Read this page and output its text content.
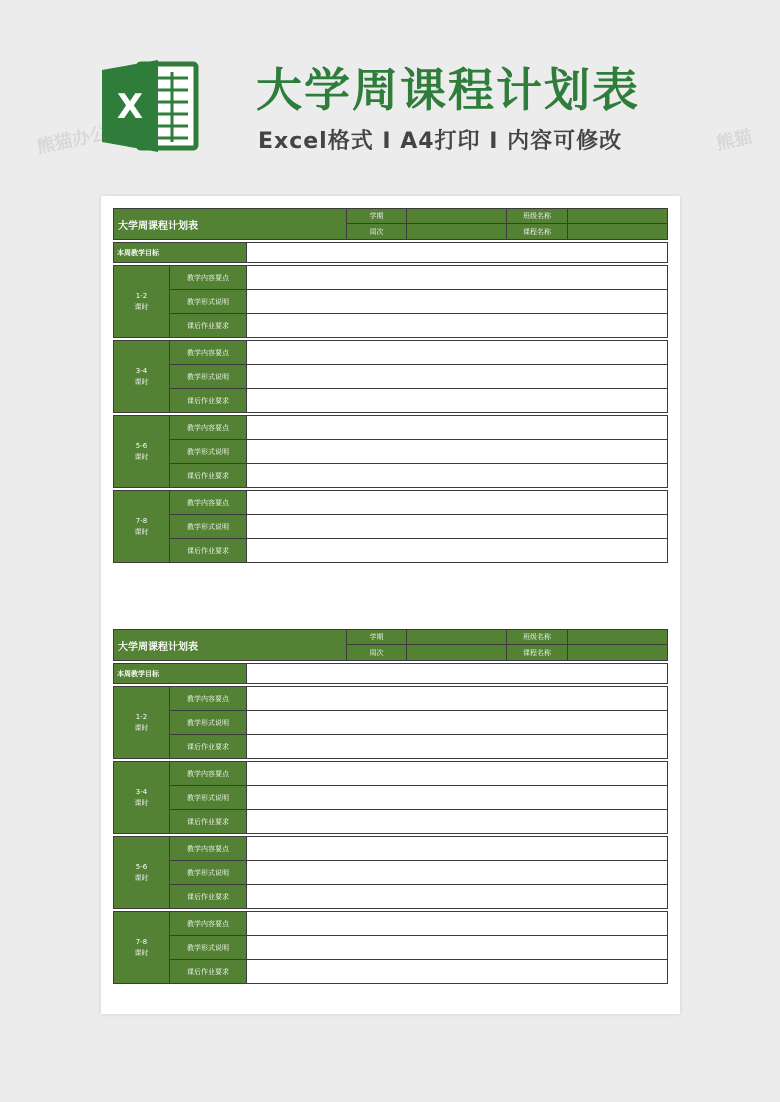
X 大学周课程计划表
Excel格式 I A4打印 I 内容可修改
大学周课程计划表			学期		班级名称	
			周次		课程名称	

本周教学目标						

1-2
课时	教学内容要点					
	教学形式说明					
	课后作业要求					

3-4
课时	教学内容要点					
	教学形式说明					
	课后作业要求					

5-6
课时	教学内容要点					
	教学形式说明					
	课后作业要求					

7-8
课时	教学内容要点					
	教学形式说明					
	课后作业要求					
大学周课程计划表			学期		班级名称	
			周次		课程名称	

本周教学目标						

1-2
课时	教学内容要点					
	教学形式说明					
	课后作业要求					

3-4
课时	教学内容要点					
	教学形式说明					
	课后作业要求					

5-6
课时	教学内容要点					
	教学形式说明					
	课后作业要求					

7-8
课时	教学内容要点					
	教学形式说明					
	课后作业要求					
熊猫办公	熊猫
